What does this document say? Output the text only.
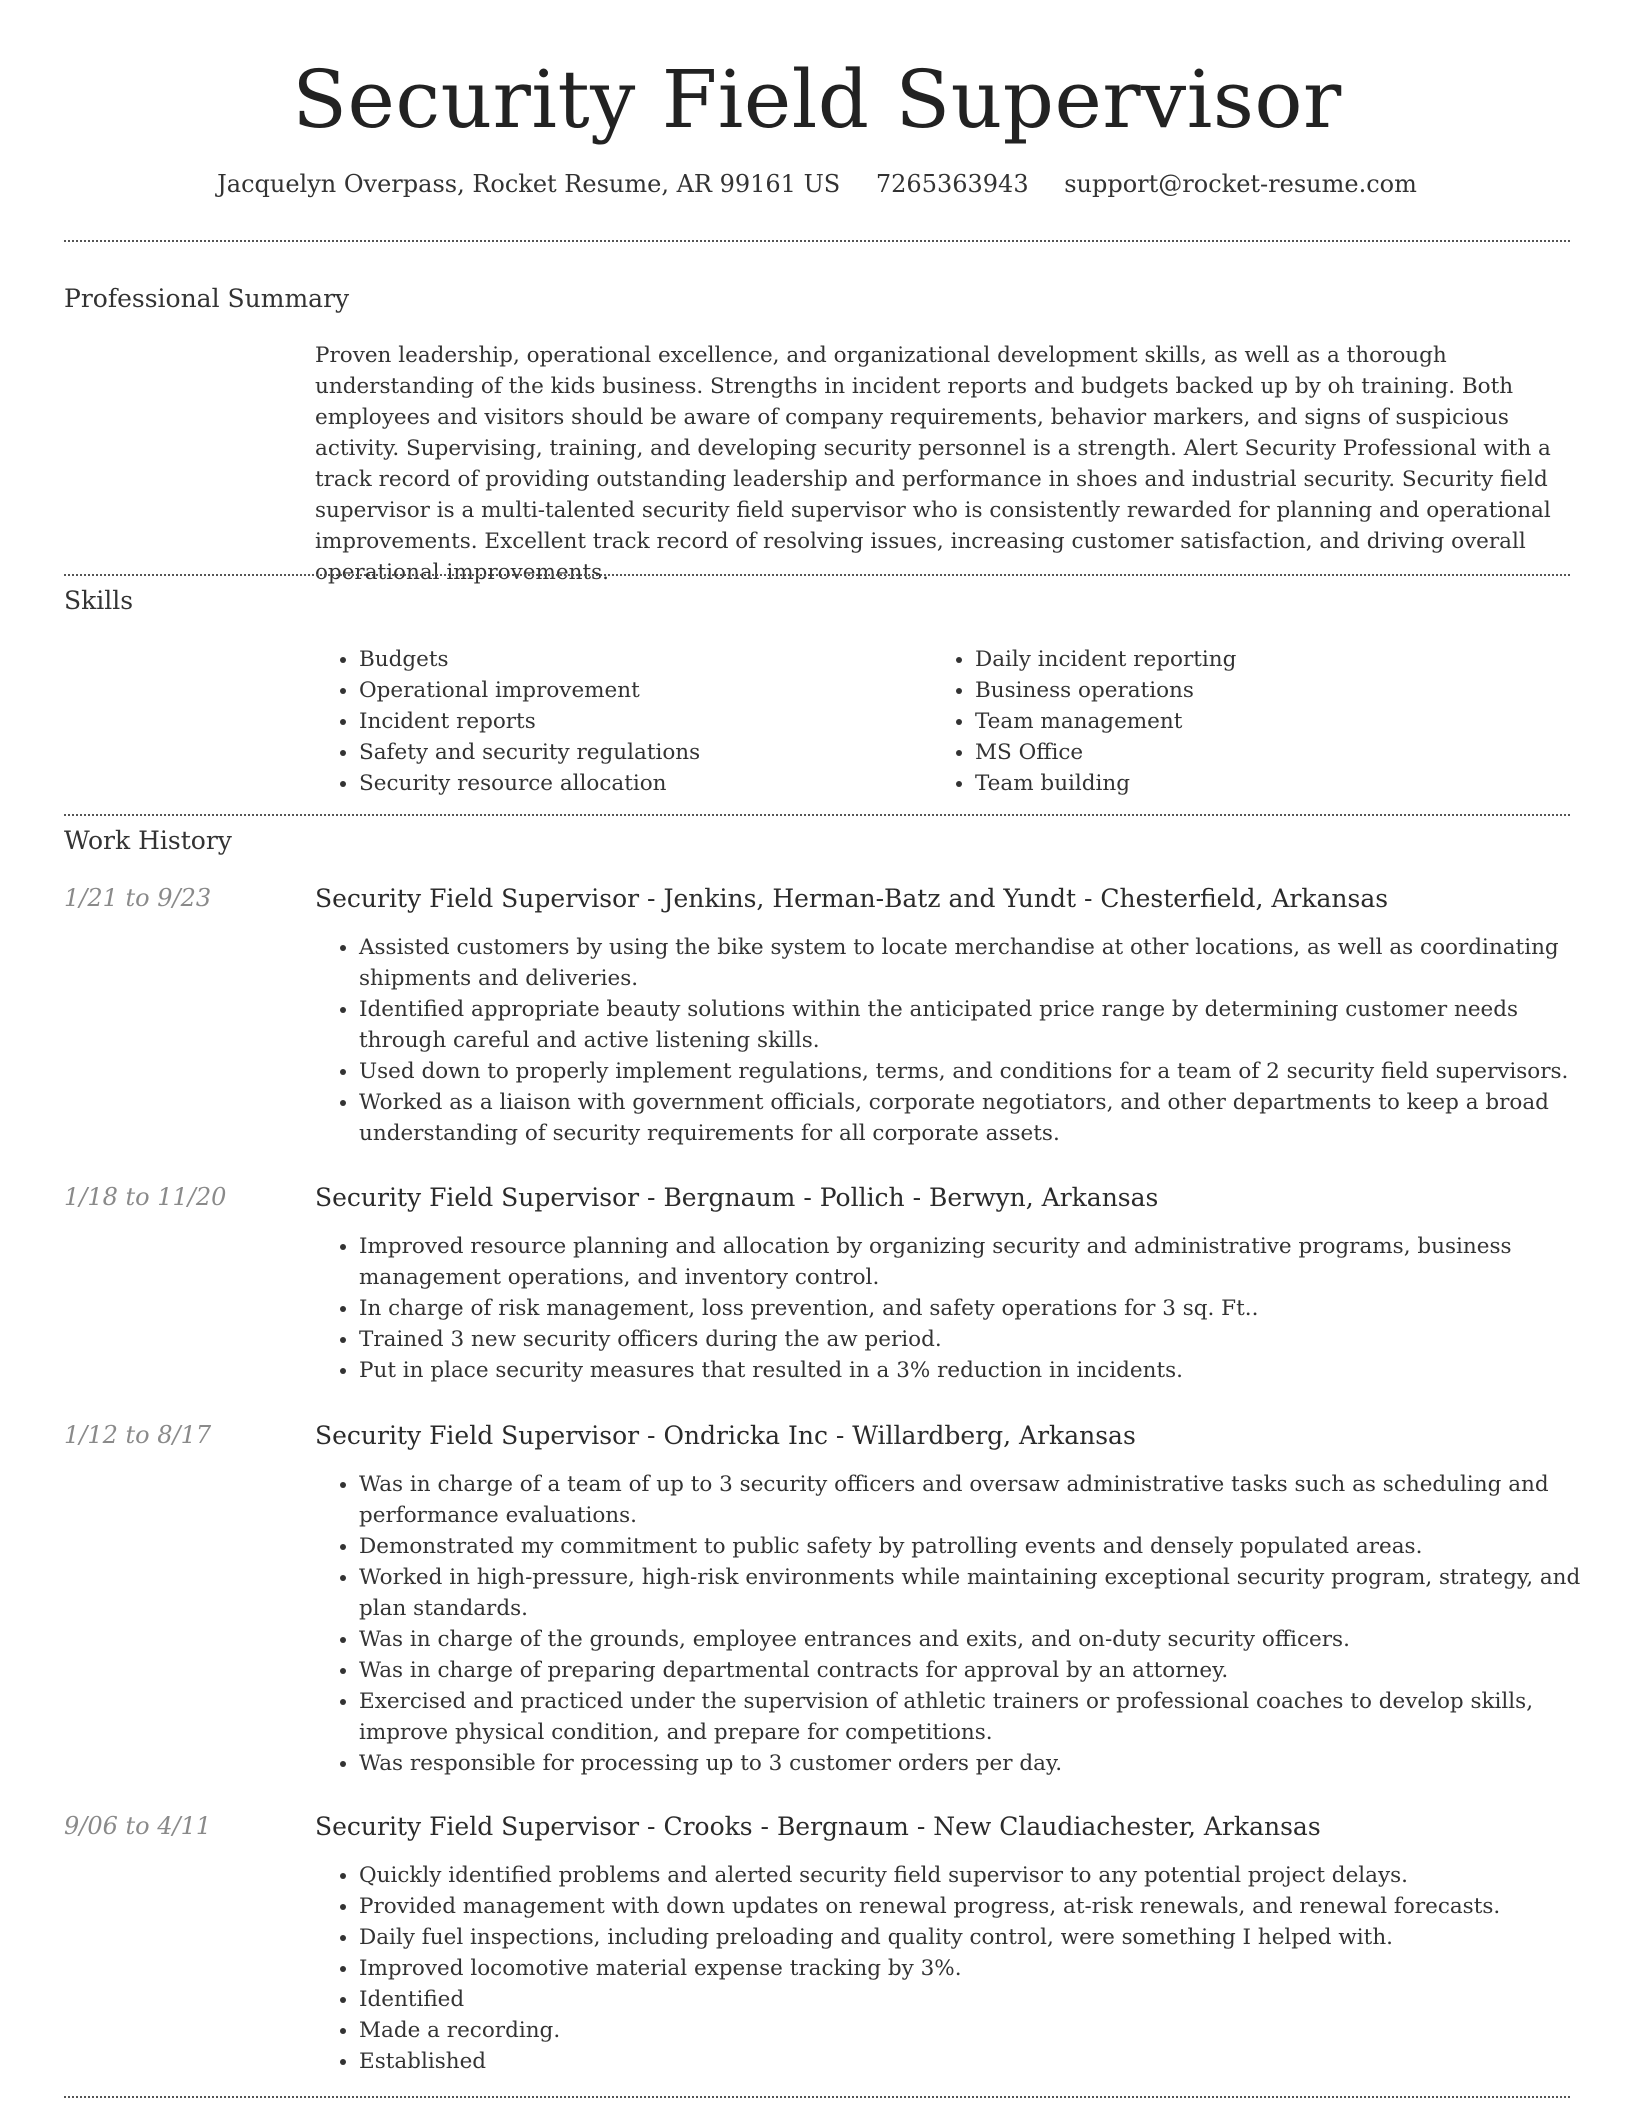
Security Field Supervisor
Jacquelyn Overpass, Rocket Resume, AR 99161 US 7265363943 support@rocket-resume.com
Professional Summary

Proven leadership, operational excellence, and organizational development skills, as well as a thorough understanding of the kids business. Strengths in incident reports and budgets backed up by oh training. Both employees and visitors should be aware of company requirements, behavior markers, and signs of suspicious activity. Supervising, training, and developing security personnel is a strength. Alert Security Professional with a track record of providing outstanding leadership and performance in shoes and industrial security. Security field supervisor is a multi-talented security field supervisor who is consistently rewarded for planning and operational improvements. Excellent track record of resolving issues, increasing customer satisfaction, and driving overall operational improvements.

Skills
• Budgets
• Operational improvement
• Incident reports
• Safety and security regulations
• Security resource allocation
• Daily incident reporting
• Business operations
• Team management
• MS Office
• Team building
Work History
1/21 to 9/23	Security Field Supervisor - Jenkins, Herman-Batz and Yundt - Chesterfield, Arkansas
• Assisted customers by using the bike system to locate merchandise at other locations, as well as coordinating shipments and deliveries.
• Identified appropriate beauty solutions within the anticipated price range by determining customer needs through careful and active listening skills.
• Used down to properly implement regulations, terms, and conditions for a team of 2 security field supervisors.
• Worked as a liaison with government officials, corporate negotiators, and other departments to keep a broad understanding of security requirements for all corporate assets.
1/18 to 11/20	Security Field Supervisor - Bergnaum - Pollich - Berwyn, Arkansas
• Improved resource planning and allocation by organizing security and administrative programs, business management operations, and inventory control.
• In charge of risk management, loss prevention, and safety operations for 3 sq. Ft..
• Trained 3 new security officers during the aw period.
• Put in place security measures that resulted in a 3% reduction in incidents.
1/12 to 8/17	Security Field Supervisor - Ondricka Inc - Willardberg, Arkansas
• Was in charge of a team of up to 3 security officers and oversaw administrative tasks such as scheduling and performance evaluations.
• Demonstrated my commitment to public safety by patrolling events and densely populated areas.
• Worked in high-pressure, high-risk environments while maintaining exceptional security program, strategy, and plan standards.
• Was in charge of the grounds, employee entrances and exits, and on-duty security officers.
• Was in charge of preparing departmental contracts for approval by an attorney.
• Exercised and practiced under the supervision of athletic trainers or professional coaches to develop skills, improve physical condition, and prepare for competitions.
• Was responsible for processing up to 3 customer orders per day.
9/06 to 4/11	Security Field Supervisor - Crooks - Bergnaum - New Claudiachester, Arkansas
• Quickly identified problems and alerted security field supervisor to any potential project delays.
• Provided management with down updates on renewal progress, at-risk renewals, and renewal forecasts.
• Daily fuel inspections, including preloading and quality control, were something I helped with.
• Improved locomotive material expense tracking by 3%.
• Identified
• Made a recording.
• Established
